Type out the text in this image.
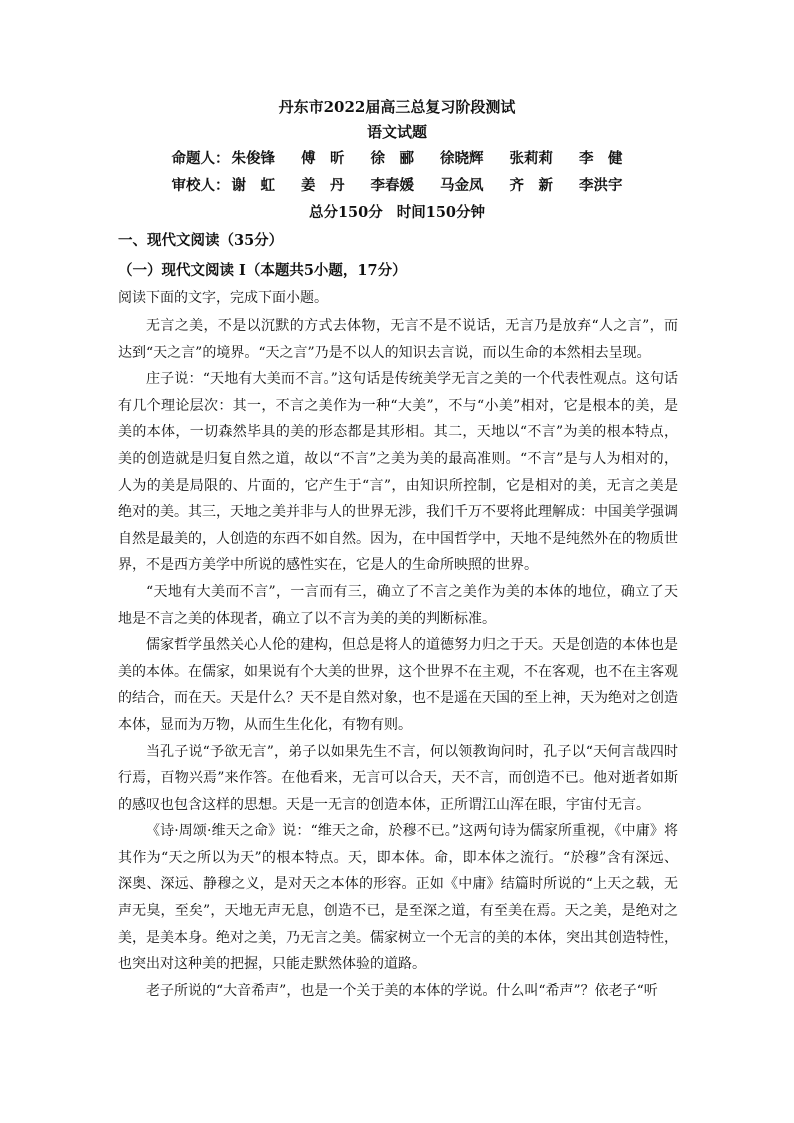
丹东市2022届高三总复习阶段测试

语文试题

命题人： 朱俊锋 傅　昕 徐　郦 徐晓辉 张莉莉 李　健

审校人： 谢　虹 姜　丹 李春媛 马金凤 齐　新 李洪宇

总分150分 时间150分钟

一、现代文阅读（35分）

（一）现代文阅读 I（本题共5小题，17分）

阅读下面的文字，完成下面小题。

无言之美，不是以沉默的方式去体物，无言不是不说话，无言乃是放弃“人之言”，而达到“天之言”的境界。“天之言”乃是不以人的知识去言说，而以生命的本然相去呈现。

庄子说：“天地有大美而不言。”这句话是传统美学无言之美的一个代表性观点。这句话有几个理论层次：其一，不言之美作为一种“大美”，不与“小美”相对，它是根本的美，是美的本体，一切森然毕具的美的形态都是其形相。其二，天地以“不言”为美的根本特点，美的创造就是归复自然之道，故以“不言”之美为美的最高准则。“不言”是与人为相对的，人为的美是局限的、片面的，它产生于“言”，由知识所控制，它是相对的美，无言之美是绝对的美。其三，天地之美并非与人的世界无涉，我们千万不要将此理解成：中国美学强调自然是最美的，人创造的东西不如自然。因为，在中国哲学中，天地不是纯然外在的物质世界，不是西方美学中所说的感性实在，它是人的生命所映照的世界。

“天地有大美而不言”，一言而有三，确立了不言之美作为美的本体的地位，确立了天地是不言之美的体现者，确立了以不言为美的美的判断标准。

儒家哲学虽然关心人伦的建构，但总是将人的道德努力归之于天。天是创造的本体也是美的本体。在儒家，如果说有个大美的世界，这个世界不在主观，不在客观，也不在主客观的结合，而在天。天是什么？天不是自然对象，也不是遥在天国的至上神，天为绝对之创造本体，显而为万物，从而生生化化，有物有则。

当孔子说“予欲无言”，弟子以如果先生不言，何以领教询问时，孔子以“天何言哉四时行焉，百物兴焉”来作答。在他看来，无言可以合天，天不言，而创造不已。他对逝者如斯的感叹也包含这样的思想。天是一无言的创造本体，正所谓江山浑在眼，宇宙付无言。

《诗·周颂·维天之命》说：“维天之命，於穆不已。”这两句诗为儒家所重视，《中庸》将其作为“天之所以为天”的根本特点。天，即本体。命，即本体之流行。“於穆”含有深远、深奥、深远、静穆之义，是对天之本体的形容。正如《中庸》结篇时所说的“上天之载，无声无臭，至矣”，天地无声无息，创造不已，是至深之道，有至美在焉。天之美，是绝对之美，是美本身。绝对之美，乃无言之美。儒家树立一个无言的美的本体，突出其创造特性，也突出对这种美的把握，只能走默然体验的道路。

老子所说的“大音希声”，也是一个关于美的本体的学说。什么叫“希声”？依老子“听
